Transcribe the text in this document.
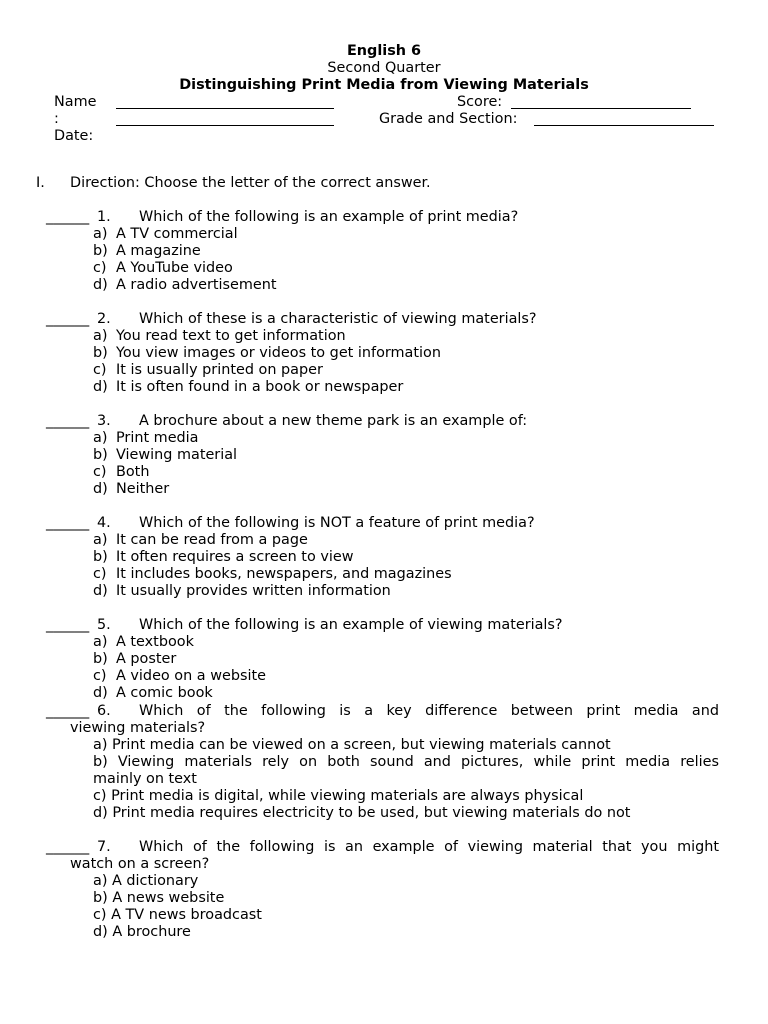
English 6
Second Quarter
Distinguishing Print Media from Viewing Materials
Name
:
Date:
Score:
Grade and Section:
I. Direction: Choose the letter of the correct answer.
______ 1. Which of the following is an example of print media?
a) A TV commercial
b) A magazine
c) A YouTube video
d) A radio advertisement
______ 2. Which of these is a characteristic of viewing materials?
a) You read text to get information
b) You view images or videos to get information
c) It is usually printed on paper
d) It is often found in a book or newspaper
______ 3. A brochure about a new theme park is an example of:
a) Print media
b) Viewing material
c) Both
d) Neither
______ 4. Which of the following is NOT a feature of print media?
a) It can be read from a page
b) It often requires a screen to view
c) It includes books, newspapers, and magazines
d) It usually provides written information
______ 5. Which of the following is an example of viewing materials?
a) A textbook
b) A poster
c) A video on a website
d) A comic book
______ 6. Which of the following is a key difference between print media and
viewing materials?
a) Print media can be viewed on a screen, but viewing materials cannot
b) Viewing materials rely on both sound and pictures, while print media relies
mainly on text
c) Print media is digital, while viewing materials are always physical
d) Print media requires electricity to be used, but viewing materials do not
______ 7. Which of the following is an example of viewing material that you might
watch on a screen?
a) A dictionary
b) A news website
c) A TV news broadcast
d) A brochure
